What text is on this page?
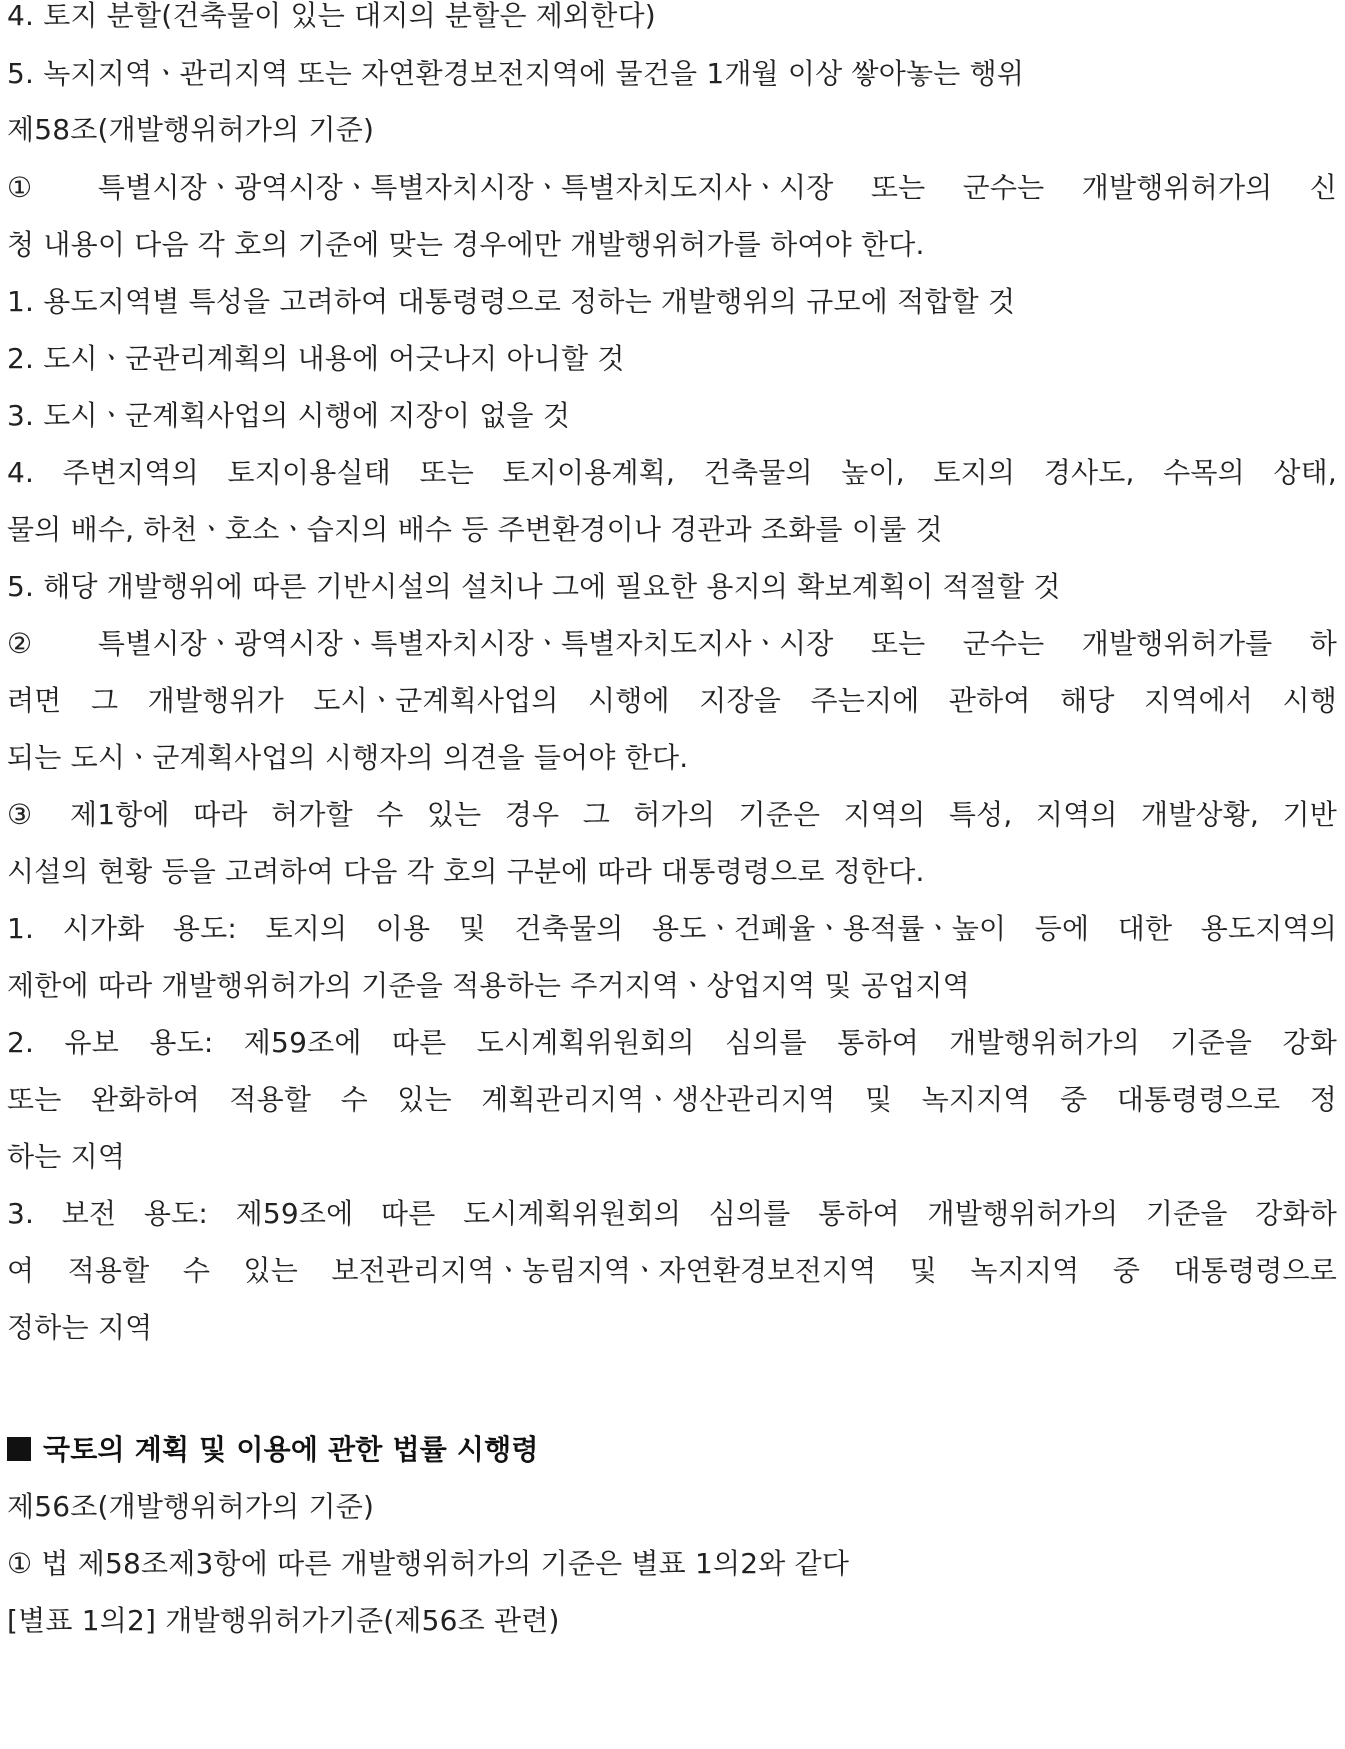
4. 토지 분할(건축물이 있는 대지의 분할은 제외한다)
5. 녹지지역ㆍ관리지역 또는 자연환경보전지역에 물건을 1개월 이상 쌓아놓는 행위
제58조(개발행위허가의 기준)
① 특별시장ㆍ광역시장ㆍ특별자치시장ㆍ특별자치도지사ㆍ시장 또는 군수는 개발행위허가의 신
청 내용이 다음 각 호의 기준에 맞는 경우에만 개발행위허가를 하여야 한다.
1. 용도지역별 특성을 고려하여 대통령령으로 정하는 개발행위의 규모에 적합할 것
2. 도시ㆍ군관리계획의 내용에 어긋나지 아니할 것
3. 도시ㆍ군계획사업의 시행에 지장이 없을 것
4. 주변지역의 토지이용실태 또는 토지이용계획, 건축물의 높이, 토지의 경사도, 수목의 상태,
물의 배수, 하천ㆍ호소ㆍ습지의 배수 등 주변환경이나 경관과 조화를 이룰 것
5. 해당 개발행위에 따른 기반시설의 설치나 그에 필요한 용지의 확보계획이 적절할 것
② 특별시장ㆍ광역시장ㆍ특별자치시장ㆍ특별자치도지사ㆍ시장 또는 군수는 개발행위허가를 하
려면 그 개발행위가 도시ㆍ군계획사업의 시행에 지장을 주는지에 관하여 해당 지역에서 시행
되는 도시ㆍ군계획사업의 시행자의 의견을 들어야 한다.
③ 제1항에 따라 허가할 수 있는 경우 그 허가의 기준은 지역의 특성, 지역의 개발상황, 기반
시설의 현황 등을 고려하여 다음 각 호의 구분에 따라 대통령령으로 정한다.
1. 시가화 용도: 토지의 이용 및 건축물의 용도ㆍ건폐율ㆍ용적률ㆍ높이 등에 대한 용도지역의
제한에 따라 개발행위허가의 기준을 적용하는 주거지역ㆍ상업지역 및 공업지역
2. 유보 용도: 제59조에 따른 도시계획위원회의 심의를 통하여 개발행위허가의 기준을 강화
또는 완화하여 적용할 수 있는 계획관리지역ㆍ생산관리지역 및 녹지지역 중 대통령령으로 정
하는 지역
3. 보전 용도: 제59조에 따른 도시계획위원회의 심의를 통하여 개발행위허가의 기준을 강화하
여 적용할 수 있는 보전관리지역ㆍ농림지역ㆍ자연환경보전지역 및 녹지지역 중 대통령령으로
정하는 지역
국토의 계획 및 이용에 관한 법률 시행령
제56조(개발행위허가의 기준)
① 법 제58조제3항에 따른 개발행위허가의 기준은 별표 1의2와 같다
[별표 1의2] 개발행위허가기준(제56조 관련)
